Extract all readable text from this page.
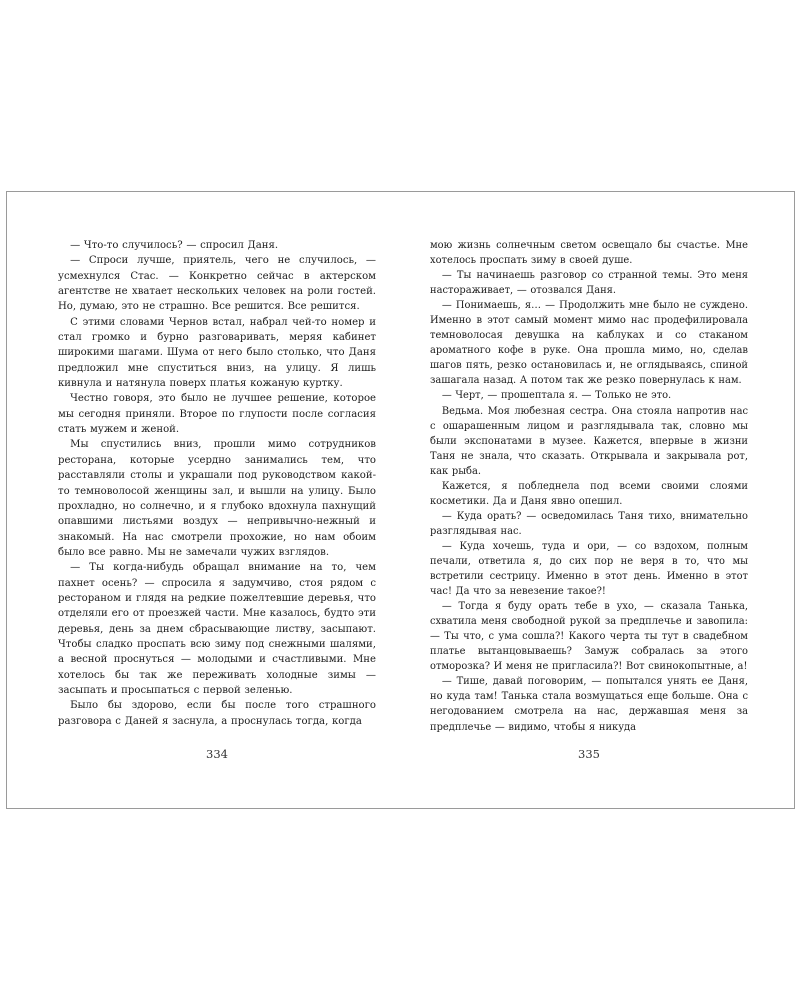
— Что-то случилось? — спросил Даня.

— Спроси лучше, приятель, чего не случилось, — усмехнулся Стас. — Конкретно сейчас в актерском агентстве не хватает нескольких человек на роли гостей. Но, думаю, это не страшно. Все решится. Все решится.

С этими словами Чернов встал, набрал чей-то номер и стал громко и бурно разговаривать, меряя кабинет широкими шагами. Шума от него было столько, что Даня предложил мне спуститься вниз, на улицу. Я лишь кивнула и натянула поверх платья кожаную куртку.

Честно говоря, это было не лучшее решение, которое мы сегодня приняли. Второе по глупости после согласия стать мужем и женой.

Мы спустились вниз, прошли мимо сотрудников ресторана, которые усердно занимались тем, что расставляли столы и украшали под руководством какой-то темноволосой женщины зал, и вышли на улицу. Было прохладно, но солнечно, и я глубоко вдохнула пахнущий опавшими листьями воздух — непривычно-нежный и знакомый. На нас смотрели прохожие, но нам обоим было все равно. Мы не замечали чужих взглядов.

— Ты когда-нибудь обращал внимание на то, чем пахнет осень? — спросила я задумчиво, стоя рядом с рестораном и глядя на редкие пожелтевшие деревья, что отделяли его от проезжей части. Мне казалось, будто эти деревья, день за днем сбрасывающие листву, засыпают. Чтобы сладко проспать всю зиму под снежными шалями, а весной проснуться — молодыми и счастливыми. Мне хотелось бы так же переживать холодные зимы — засыпать и просыпаться с первой зеленью.

Было бы здорово, если бы после того страшного разговора с Даней я заснула, а проснулась тогда, когда

334

мою жизнь солнечным светом освещало бы счастье. Мне хотелось проспать зиму в своей душе.

— Ты начинаешь разговор со странной темы. Это меня настораживает, — отозвался Даня.

— Понимаешь, я… — Продолжить мне было не суждено. Именно в этот самый момент мимо нас продефилировала темноволосая девушка на каблуках и со стаканом ароматного кофе в руке. Она прошла мимо, но, сделав шагов пять, резко остановилась и, не оглядываясь, спиной зашагала назад. А потом так же резко повернулась к нам.

— Черт, — прошептала я. — Только не это.

Ведьма. Моя любезная сестра. Она стояла напротив нас с ошарашенным лицом и разглядывала так, словно мы были экспонатами в музее. Кажется, впервые в жизни Таня не знала, что сказать. Открывала и закрывала рот, как рыба.

Кажется, я побледнела под всеми своими слоями косметики. Да и Даня явно опешил.

— Куда орать? — осведомилась Таня тихо, внимательно разглядывая нас.

— Куда хочешь, туда и ори, — со вздохом, полным печали, ответила я, до сих пор не веря в то, что мы встретили сестрицу. Именно в этот день. Именно в этот час! Да что за невезение такое?!

— Тогда я буду орать тебе в ухо, — сказала Танька, схватила меня свободной рукой за предплечье и завопила: — Ты что, с ума сошла?! Какого черта ты тут в свадебном платье вытанцовываешь? Замуж собралась за этого отморозка? И меня не пригласила?! Вот свинокопытные, а!

— Тише, давай поговорим, — попытался унять ее Даня, но куда там! Танька стала возмущаться еще больше. Она с негодованием смотрела на нас, державшая меня за предплечье — видимо, чтобы я никуда

335
